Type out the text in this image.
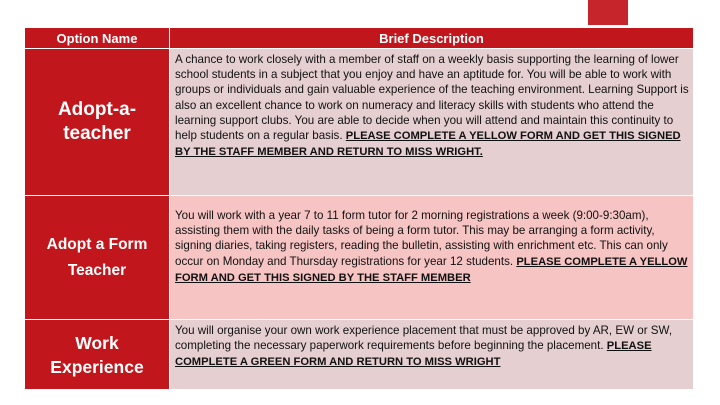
Option Name	Brief Description
Adopt-a-teacher
A chance to work closely with a member of staff on a weekly basis supporting the learning of lower school students in a subject that you enjoy and have an aptitude for. You will be able to work with groups or individuals and gain valuable experience of the teaching environment. Learning Support is also an excellent chance to work on numeracy and literacy skills with students who attend the learning support clubs. You are able to decide when you will attend and maintain this continuity to help students on a regular basis. PLEASE COMPLETE A YELLOW FORM AND GET THIS SIGNED BY THE STAFF MEMBER AND RETURN TO MISS WRIGHT.
Adopt a Form Teacher
You will work with a year 7 to 11 form tutor for 2 morning registrations a week (9:00-9:30am), assisting them with the daily tasks of being a form tutor. This may be arranging a form activity, signing diaries, taking registers, reading the bulletin, assisting with enrichment etc. This can only occur on Monday and Thursday registrations for year 12 students. PLEASE COMPLETE A YELLOW FORM AND GET THIS SIGNED BY THE STAFF MEMBER
Work Experience
You will organise your own work experience placement that must be approved by AR, EW or SW, completing the necessary paperwork requirements before beginning the placement. PLEASE COMPLETE A GREEN FORM AND RETURN TO MISS WRIGHT
